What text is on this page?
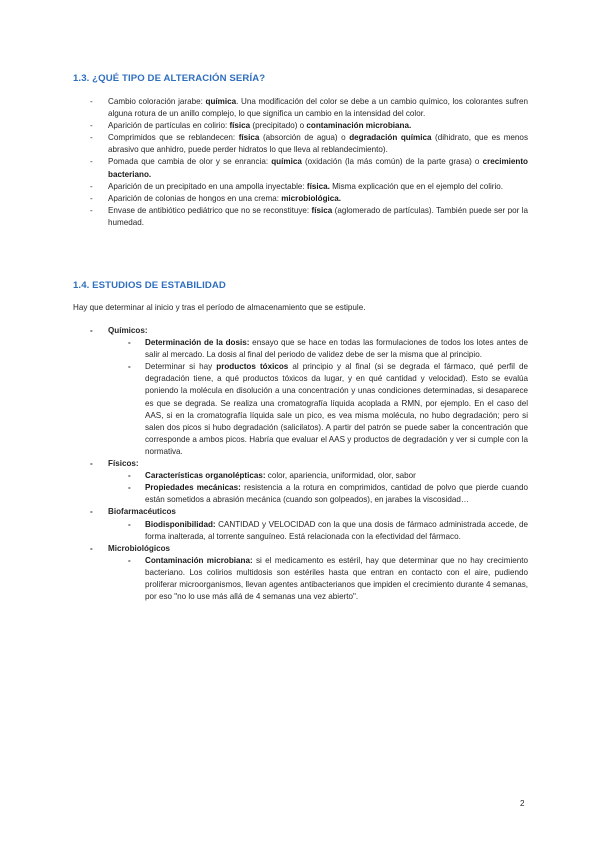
1.3. ¿QUÉ TIPO DE ALTERACIÓN SERÍA?
- Cambio coloración jarabe: química. Una modificación del color se debe a un cambio químico, los colorantes sufren alguna rotura de un anillo complejo, lo que significa un cambio en la intensidad del color.
- Aparición de partículas en colirio: física (precipitado) o contaminación microbiana.
- Comprimidos que se reblandecen: física (absorción de agua) o degradación química (dihidrato, que es menos abrasivo que anhidro, puede perder hidratos lo que lleva al reblandecimiento).
- Pomada que cambia de olor y se enrancia: química (oxidación (la más común) de la parte grasa) o crecimiento bacteriano.
- Aparición de un precipitado en una ampolla inyectable: física. Misma explicación que en el ejemplo del colirio.
- Aparición de colonias de hongos en una crema: microbiológica.
- Envase de antibiótico pediátrico que no se reconstituye: física (aglomerado de partículas). También puede ser por la humedad.
1.4. ESTUDIOS DE ESTABILIDAD
Hay que determinar al inicio y tras el período de almacenamiento que se estipule.
- Químicos:
- Determinación de la dosis: ensayo que se hace en todas las formulaciones de todos los lotes antes de salir al mercado. La dosis al final del periodo de validez debe de ser la misma que al principio.
- Determinar si hay productos tóxicos al principio y al final (si se degrada el fármaco, qué perfil de degradación tiene, a qué productos tóxicos da lugar, y en qué cantidad y velocidad). Esto se evalúa poniendo la molécula en disolución a una concentración y unas condiciones determinadas, si desaparece es que se degrada. Se realiza una cromatografía líquida acoplada a RMN, por ejemplo. En el caso del AAS, si en la cromatografía líquida sale un pico, es vea misma molécula, no hubo degradación; pero si salen dos picos si hubo degradación (salicilatos). A partir del patrón se puede saber la concentración que corresponde a ambos picos. Habría que evaluar el AAS y productos de degradación y ver si cumple con la normativa.
- Físicos:
- Características organolépticas: color, apariencia, uniformidad, olor, sabor
- Propiedades mecánicas: resistencia a la rotura en comprimidos, cantidad de polvo que pierde cuando están sometidos a abrasión mecánica (cuando son golpeados), en jarabes la viscosidad…
- Biofarmacéuticos
- Biodisponibilidad: CANTIDAD y VELOCIDAD con la que una dosis de fármaco administrada accede, de forma inalterada, al torrente sanguíneo. Está relacionada con la efectividad del fármaco.
- Microbiológicos
- Contaminación microbiana: si el medicamento es estéril, hay que determinar que no hay crecimiento bacteriano. Los colirios multidosis son estériles hasta que entran en contacto con el aire, pudiendo proliferar microorganismos, llevan agentes antibacterianos que impiden el crecimiento durante 4 semanas, por eso "no lo use más allá de 4 semanas una vez abierto".
2
